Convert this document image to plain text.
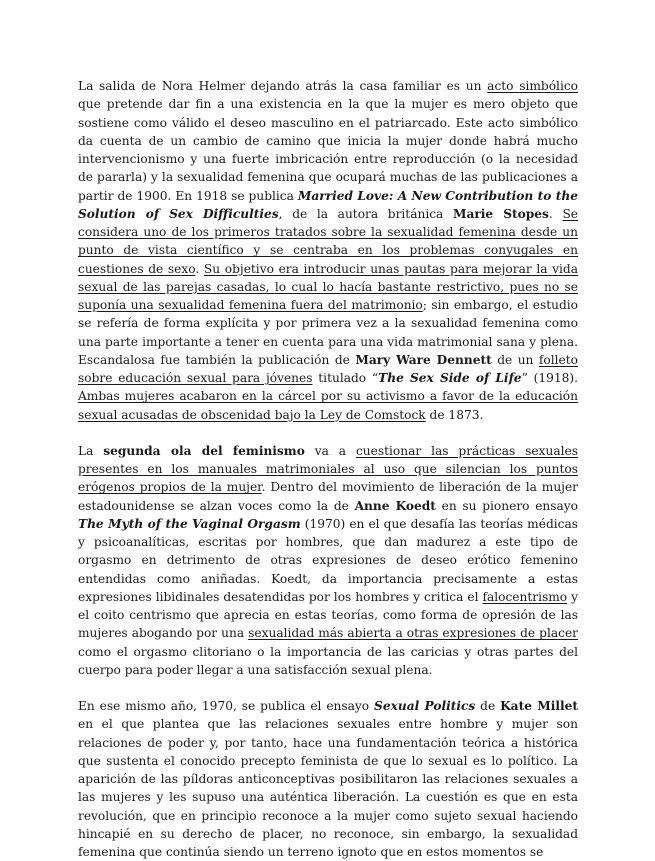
La salida de Nora Helmer dejando atrás la casa familiar es un acto simbólico que pretende dar fin a una existencia en la que la mujer es mero objeto que sostiene como válido el deseo masculino en el patriarcado. Este acto simbólico da cuenta de un cambio de camino que inicia la mujer donde habrá mucho intervencionismo y una fuerte imbricación entre reproducción (o la necesidad de pararla) y la sexualidad femenina que ocupará muchas de las publicaciones a partir de 1900. En 1918 se publica Married Love: A New Contribution to the Solution of Sex Difficulties, de la autora británica Marie Stopes. Se considera uno de los primeros tratados sobre la sexualidad femenina desde un punto de vista científico y se centraba en los problemas conyugales en cuestiones de sexo. Su objetivo era introducir unas pautas para mejorar la vida sexual de las parejas casadas, lo cual lo hacía bastante restrictivo, pues no se suponía una sexualidad femenina fuera del matrimonio; sin embargo, el estudio se refería de forma explícita y por primera vez a la sexualidad femenina como una parte importante a tener en cuenta para una vida matrimonial sana y plena. Escandalosa fue también la publicación de Mary Ware Dennett de un folleto sobre educación sexual para jóvenes titulado “The Sex Side of Life” (1918). Ambas mujeres acabaron en la cárcel por su activismo a favor de la educación sexual acusadas de obscenidad bajo la Ley de Comstock de 1873.

La segunda ola del feminismo va a cuestionar las prácticas sexuales presentes en los manuales matrimoniales al uso que silencian los puntos erógenos propios de la mujer. Dentro del movimiento de liberación de la mujer estadounidense se alzan voces como la de Anne Koedt en su pionero ensayo The Myth of the Vaginal Orgasm (1970) en el que desafía las teorías médicas y psicoanalíticas, escritas por hombres, que dan madurez a este tipo de orgasmo en detrimento de otras expresiones de deseo erótico femenino entendidas como aniñadas. Koedt, da importancia precisamente a estas expresiones libidinales desatendidas por los hombres y critica el falocentrismo y el coito centrismo que aprecia en estas teorías, como forma de opresión de las mujeres abogando por una sexualidad más abierta a otras expresiones de placer como el orgasmo clitoriano o la importancia de las caricias y otras partes del cuerpo para poder llegar a una satisfacción sexual plena.

En ese mismo año, 1970, se publica el ensayo Sexual Politics de Kate Millet en el que plantea que las relaciones sexuales entre hombre y mujer son relaciones de poder y, por tanto, hace una fundamentación teórica a histórica que sustenta el conocido precepto feminista de que lo sexual es lo político. La aparición de las píldoras anticonceptivas posibilitaron las relaciones sexuales a las mujeres y les supuso una auténtica liberación. La cuestión es que en esta revolución, que en principio reconoce a la mujer como sujeto sexual haciendo hincapié en su derecho de placer, no reconoce, sin embargo, la sexualidad femenina que continúa siendo un terreno ignoto que en estos momentos se
